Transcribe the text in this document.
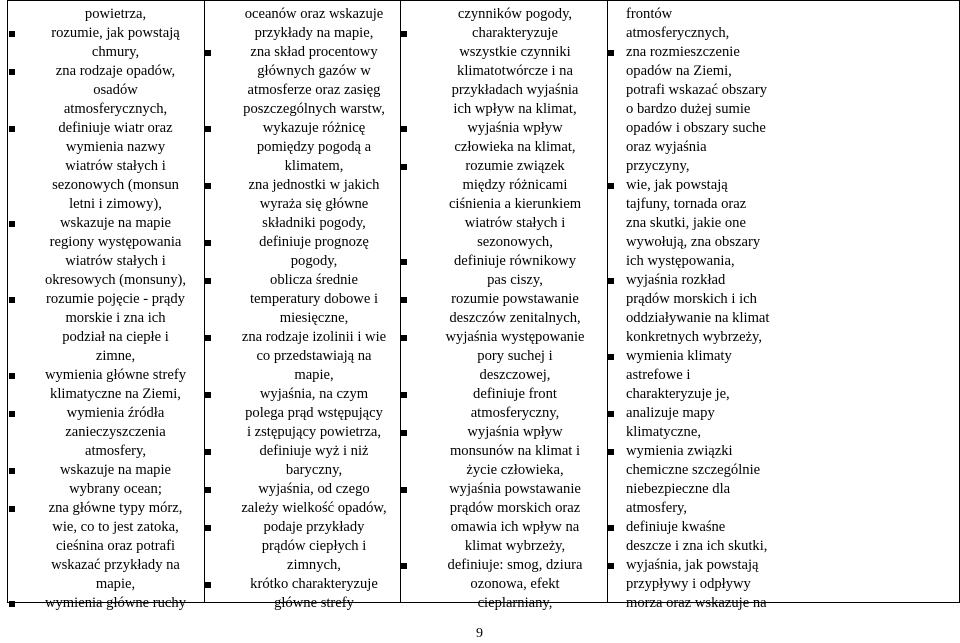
powietrza,
rozumie, jak powstają
chmury,
zna rodzaje opadów,
osadów
atmosferycznych,
definiuje wiatr oraz
wymienia nazwy
wiatrów stałych i
sezonowych (monsun
letni i zimowy),
wskazuje na mapie
regiony występowania
wiatrów stałych i
okresowych (monsuny),
rozumie pojęcie - prądy
morskie i zna ich
podział na ciepłe i
zimne,
wymienia główne strefy
klimatyczne na Ziemi,
wymienia źródła
zanieczyszczenia
atmosfery,
wskazuje na mapie
wybrany ocean;
zna główne typy mórz,
wie, co to jest zatoka,
cieśnina oraz potrafi
wskazać przykłady na
mapie,
wymienia główne ruchy

oceanów oraz wskazuje
przykłady na mapie,
zna skład procentowy
głównych gazów w
atmosferze oraz zasięg
poszczególnych warstw,
wykazuje różnicę
pomiędzy pogodą a
klimatem,
zna jednostki w jakich
wyraża się główne
składniki pogody,
definiuje prognozę
pogody,
oblicza średnie
temperatury dobowe i
miesięczne,
zna rodzaje izolinii i wie
co przedstawiają na
mapie,
wyjaśnia, na czym
polega prąd wstępujący
i zstępujący powietrza,
definiuje wyż i niż
baryczny,
wyjaśnia, od czego
zależy wielkość opadów,
podaje przykłady
prądów ciepłych i
zimnych,
krótko charakteryzuje
główne strefy

czynników pogody,
charakteryzuje
wszystkie czynniki
klimatotwórcze i na
przykładach wyjaśnia
ich wpływ na klimat,
wyjaśnia wpływ
człowieka na klimat,
rozumie związek
między różnicami
ciśnienia a kierunkiem
wiatrów stałych i
sezonowych,
definiuje równikowy
pas ciszy,
rozumie powstawanie
deszczów zenitalnych,
wyjaśnia występowanie
pory suchej i
deszczowej,
definiuje front
atmosferyczny,
wyjaśnia wpływ
monsunów na klimat i
życie człowieka,
wyjaśnia powstawanie
prądów morskich oraz
omawia ich wpływ na
klimat wybrzeży,
definiuje: smog, dziura
ozonowa, efekt
cieplarniany,

frontów
atmosferycznych,
zna rozmieszczenie
opadów na Ziemi,
potrafi wskazać obszary
o bardzo dużej sumie
opadów i obszary suche
oraz wyjaśnia
przyczyny,
wie, jak powstają
tajfuny, tornada oraz
zna skutki, jakie one
wywołują, zna obszary
ich występowania,
wyjaśnia rozkład
prądów morskich i ich
oddziaływanie na klimat
konkretnych wybrzeży,
wymienia klimaty
astrefowe i
charakteryzuje je,
analizuje mapy
klimatyczne,
wymienia związki
chemiczne szczególnie
niebezpieczne dla
atmosfery,
definiuje kwaśne
deszcze i zna ich skutki,
wyjaśnia, jak powstają
przypływy i odpływy
morza oraz wskazuje na
9
